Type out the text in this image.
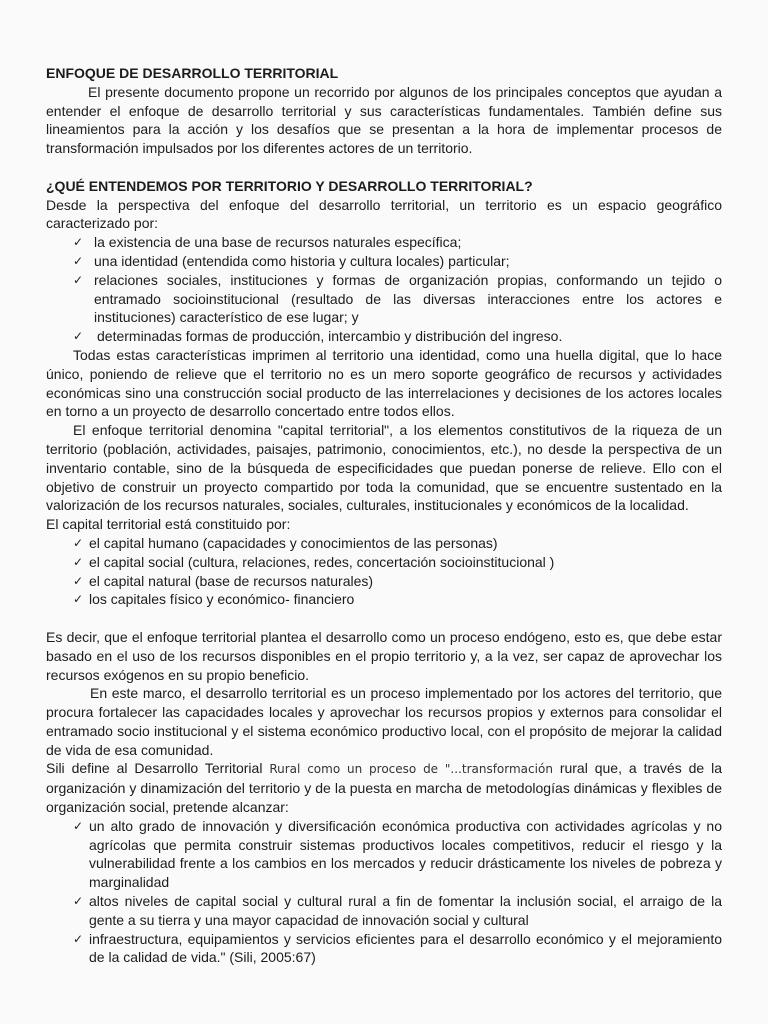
ENFOQUE DE DESARROLLO TERRITORIAL

El presente documento propone un recorrido por algunos de los principales conceptos que ayudan a entender el enfoque de desarrollo territorial y sus características fundamentales. También define sus lineamientos para la acción y los desafíos que se presentan a la hora de implementar procesos de transformación impulsados por los diferentes actores de un territorio.

¿QUÉ ENTENDEMOS POR TERRITORIO Y DESARROLLO TERRITORIAL?

Desde la perspectiva del enfoque del desarrollo territorial, un territorio es un espacio geográfico caracterizado por:

✓
la existencia de una base de recursos naturales específica;
✓
una identidad (entendida como historia y cultura locales) particular;
✓
relaciones sociales, instituciones y formas de organización propias, conformando un tejido o entramado socioinstitucional (resultado de las diversas interacciones entre los actores e instituciones) característico de ese lugar; y
✓
determinadas formas de producción, intercambio y distribución del ingreso.

Todas estas características imprimen al territorio una identidad, como una huella digital, que lo hace único, poniendo de relieve que el territorio no es un mero soporte geográfico de recursos y actividades económicas sino una construcción social producto de las interrelaciones y decisiones de los actores locales en torno a un proyecto de desarrollo concertado entre todos ellos.

El enfoque territorial denomina "capital territorial", a los elementos constitutivos de la riqueza de un territorio (población, actividades, paisajes, patrimonio, conocimientos, etc.), no desde la perspectiva de un inventario contable, sino de la búsqueda de especificidades que puedan ponerse de relieve. Ello con el objetivo de construir un proyecto compartido por toda la comunidad, que se encuentre sustentado en la valorización de los recursos naturales, sociales, culturales, institucionales y económicos de la localidad.

El capital territorial está constituido por:

✓
el capital humano (capacidades y conocimientos de las personas)
✓
el capital social (cultura, relaciones, redes, concertación socioinstitucional )
✓
el capital natural (base de recursos naturales)
✓
los capitales físico y económico- financiero

Es decir, que el enfoque territorial plantea el desarrollo como un proceso endógeno, esto es, que debe estar basado en el uso de los recursos disponibles en el propio territorio y, a la vez, ser capaz de aprovechar los recursos exógenos en su propio beneficio.

En este marco, el desarrollo territorial es un proceso implementado por los actores del territorio, que procura fortalecer las capacidades locales y aprovechar los recursos propios y externos para consolidar el entramado socio institucional y el sistema económico productivo local, con el propósito de mejorar la calidad de vida de esa comunidad.

Sili define al Desarrollo Territorial Rural como un proceso de "...transformación rural que, a través de la organización y dinamización del territorio y de la puesta en marcha de metodologías dinámicas y flexibles de organización social, pretende alcanzar:

✓
un alto grado de innovación y diversificación económica productiva con actividades agrícolas y no agrícolas que permita construir sistemas productivos locales competitivos, reducir el riesgo y la vulnerabilidad frente a los cambios en los mercados y reducir drásticamente los niveles de pobreza y marginalidad
✓
altos niveles de capital social y cultural rural a fin de fomentar la inclusión social, el arraigo de la gente a su tierra y una mayor capacidad de innovación social y cultural
✓
infraestructura, equipamientos y servicios eficientes para el desarrollo económico y el mejoramiento de la calidad de vida." (Sili, 2005:67)
